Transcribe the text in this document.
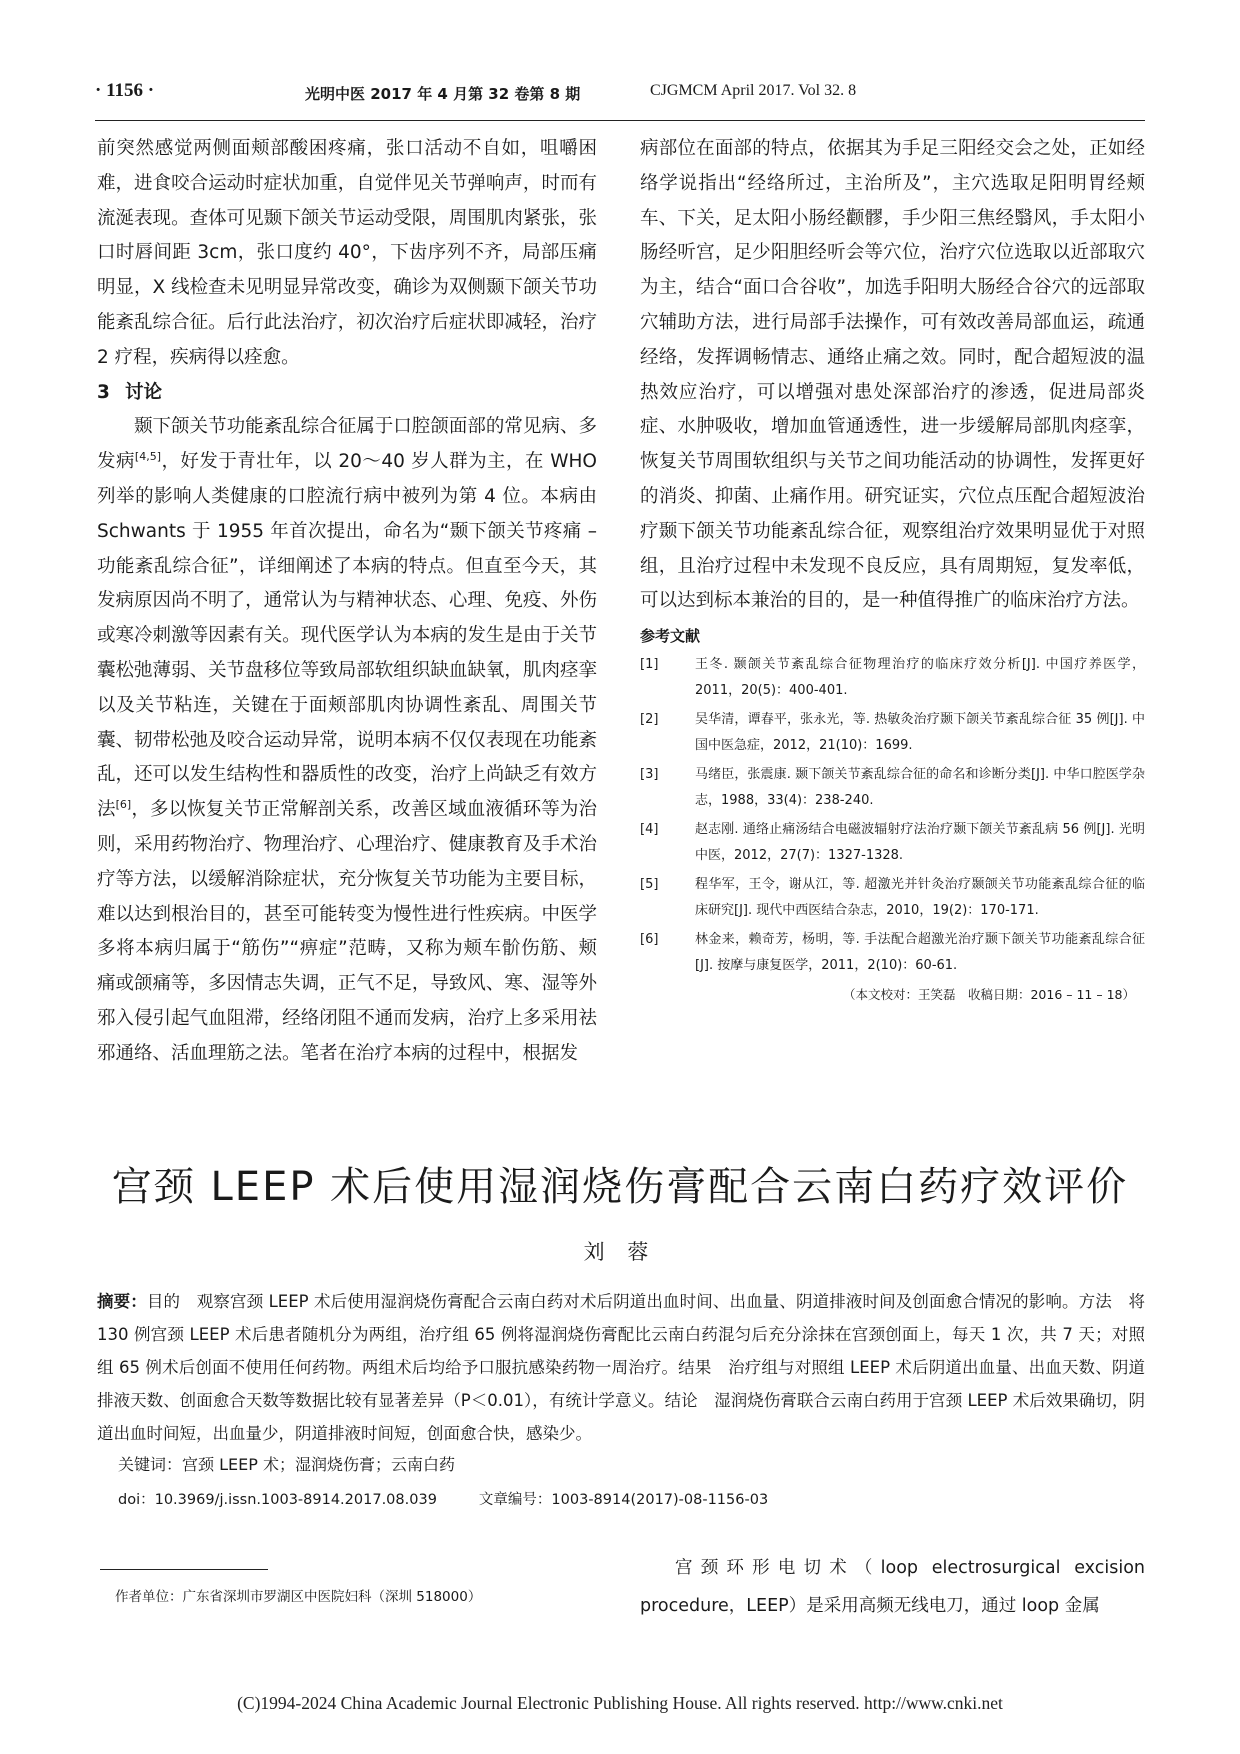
· 1156 ·	光明中医 2017 年 4 月第 32 卷第 8 期	CJGMCM April 2017. Vol 32. 8

前突然感觉两侧面颊部酸困疼痛，张口活动不自如，咀嚼困难，进食咬合运动时症状加重，自觉伴见关节弹响声，时而有流涎表现。查体可见颞下颌关节运动受限，周围肌肉紧张，张口时唇间距 3cm，张口度约 40°，下齿序列不齐，局部压痛明显，X 线检查未见明显异常改变，确诊为双侧颞下颌关节功能紊乱综合征。后行此法治疗，初次治疗后症状即减轻，治疗 2 疗程，疾病得以痊愈。

3 讨论

颞下颌关节功能紊乱综合征属于口腔颌面部的常见病、多发病[4,5]，好发于青壮年，以 20～40 岁人群为主，在 WHO 列举的影响人类健康的口腔流行病中被列为第 4 位。本病由 Schwants 于 1955 年首次提出，命名为“颞下颌关节疼痛 – 功能紊乱综合征”，详细阐述了本病的特点。但直至今天，其发病原因尚不明了，通常认为与精神状态、心理、免疫、外伤或寒冷刺激等因素有关。现代医学认为本病的发生是由于关节囊松弛薄弱、关节盘移位等致局部软组织缺血缺氧，肌肉痉挛以及关节粘连，关键在于面颊部肌肉协调性紊乱、周围关节囊、韧带松弛及咬合运动异常，说明本病不仅仅表现在功能紊乱，还可以发生结构性和器质性的改变，治疗上尚缺乏有效方法[6]，多以恢复关节正常解剖关系，改善区域血液循环等为治则，采用药物治疗、物理治疗、心理治疗、健康教育及手术治疗等方法，以缓解消除症状，充分恢复关节功能为主要目标，难以达到根治目的，甚至可能转变为慢性进行性疾病。中医学多将本病归属于“筋伤”“痹症”范畴，又称为颊车骱伤筋、颊痛或颌痛等，多因情志失调，正气不足，导致风、寒、湿等外邪入侵引起气血阻滞，经络闭阻不通而发病，治疗上多采用祛邪通络、活血理筋之法。笔者在治疗本病的过程中，根据发

病部位在面部的特点，依据其为手足三阳经交会之处，正如经络学说指出“经络所过，主治所及”，主穴选取足阳明胃经颊车、下关，足太阳小肠经颧髎，手少阳三焦经翳风，手太阳小肠经听宫，足少阳胆经听会等穴位，治疗穴位选取以近部取穴为主，结合“面口合谷收”，加选手阳明大肠经合谷穴的远部取穴辅助方法，进行局部手法操作，可有效改善局部血运，疏通经络，发挥调畅情志、通络止痛之效。同时，配合超短波的温热效应治疗，可以增强对患处深部治疗的渗透，促进局部炎症、水肿吸收，增加血管通透性，进一步缓解局部肌肉痉挛，恢复关节周围软组织与关节之间功能活动的协调性，发挥更好的消炎、抑菌、止痛作用。研究证实，穴位点压配合超短波治疗颞下颌关节功能紊乱综合征，观察组治疗效果明显优于对照组，且治疗过程中未发现不良反应，具有周期短，复发率低，可以达到标本兼治的目的，是一种值得推广的临床治疗方法。

参考文献

[1]	王冬. 颞颌关节紊乱综合征物理治疗的临床疗效分析[J]. 中国疗养医学，2011，20(5)：400-401.
[2]	吴华清，谭春平，张永光，等. 热敏灸治疗颞下颌关节紊乱综合征 35 例[J]. 中国中医急症，2012，21(10)：1699.
[3]	马绪臣，张震康. 颞下颌关节紊乱综合征的命名和诊断分类[J]. 中华口腔医学杂志，1988，33(4)：238-240.
[4]	赵志刚. 通络止痛汤结合电磁波辐射疗法治疗颞下颌关节紊乱病 56 例[J]. 光明中医，2012，27(7)：1327-1328.
[5]	程华军，王令，谢从江，等. 超激光并针灸治疗颞颌关节功能紊乱综合征的临床研究[J]. 现代中西医结合杂志，2010，19(2)：170-171.
[6]	林金来，赖奇芳，杨明，等. 手法配合超激光治疗颞下颌关节功能紊乱综合征[J]. 按摩与康复医学，2011，2(10)：60-61.
（本文校对：王笑磊　收稿日期：2016 – 11 – 18）
宫颈 LEEP 术后使用湿润烧伤膏配合云南白药疗效评价
刘 蓉
摘要：目的　观察宫颈 LEEP 术后使用湿润烧伤膏配合云南白药对术后阴道出血时间、出血量、阴道排液时间及创面愈合情况的影响。方法　将 130 例宫颈 LEEP 术后患者随机分为两组，治疗组 65 例将湿润烧伤膏配比云南白药混匀后充分涂抹在宫颈创面上，每天 1 次，共 7 天；对照组 65 例术后创面不使用任何药物。两组术后均给予口服抗感染药物一周治疗。结果　治疗组与对照组 LEEP 术后阴道出血量、出血天数、阴道排液天数、创面愈合天数等数据比较有显著差异（P＜0.01），有统计学意义。结论　湿润烧伤膏联合云南白药用于宫颈 LEEP 术后效果确切，阴道出血时间短，出血量少，阴道排液时间短，创面愈合快，感染少。
关键词：宫颈 LEEP 术；湿润烧伤膏；云南白药
doi：10.3969/j.issn.1003-8914.2017.08.039	文章编号：1003-8914(2017)-08-1156-03
作者单位：广东省深圳市罗湖区中医院妇科（深圳 518000）
宫颈环形电切术（loop electrosurgical excision procedure，LEEP）是采用高频无线电刀，通过 loop 金属
(C)1994-2024 China Academic Journal Electronic Publishing House. All rights reserved. http://www.cnki.net
